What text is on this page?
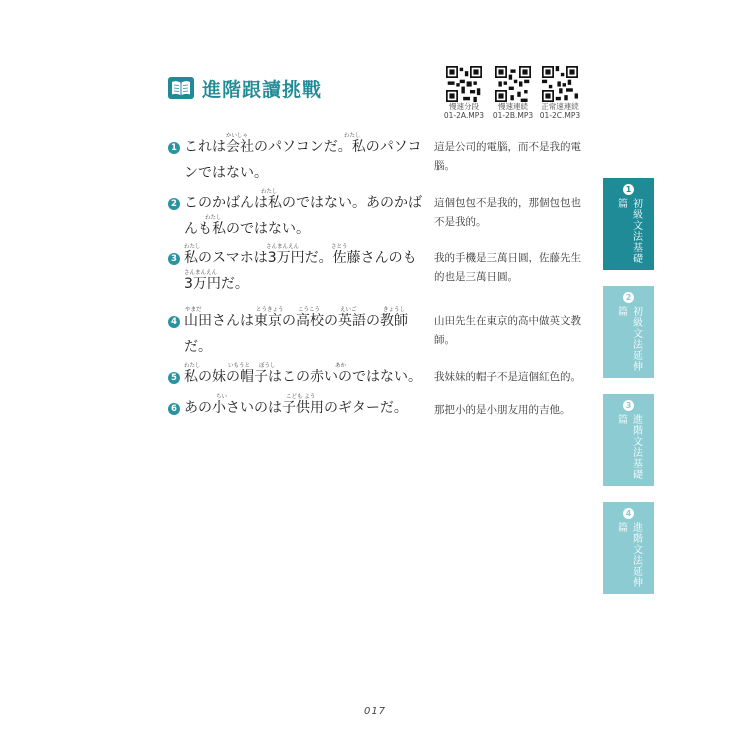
進階跟讀挑戰
慢速分段
01-2A.MP3
慢速連続
01-2B.MP3
正常速連続
01-2C.MP3
かいしゃ	わたし
1 これは会社のパソコンだ。私のパソコンではない。
わたし
わたし
2 このかばんは私のではない。あのかばんも私のではない。
わたし	さんまんえん	さとう
さんまんえん
3 私のスマホは3万円だ。佐藤さんのも3万円だ。
やまだ	とうきょう	こうこう	えいご	きょうし
4 山田さんは東京の高校の英語の教師だ。
わたし	いもうと ぼうし	あか
5 私の妹の帽子はこの赤いのではない。
ちい	こども よう
6 あの小さいのは子供用のギターだ。
這是公司的電腦，而不是我的電腦。
這個包包不是我的，那個包包也不是我的。
我的手機是三萬日圓，佐藤先生的也是三萬日圓。
山田先生在東京的高中做英文教師。
我妹妹的帽子不是這個紅色的。
那把小的是小朋友用的吉他。
1
初級文法基礎篇
2
初級文法延伸篇
3
進階文法基礎篇
4
進階文法延伸篇
017
